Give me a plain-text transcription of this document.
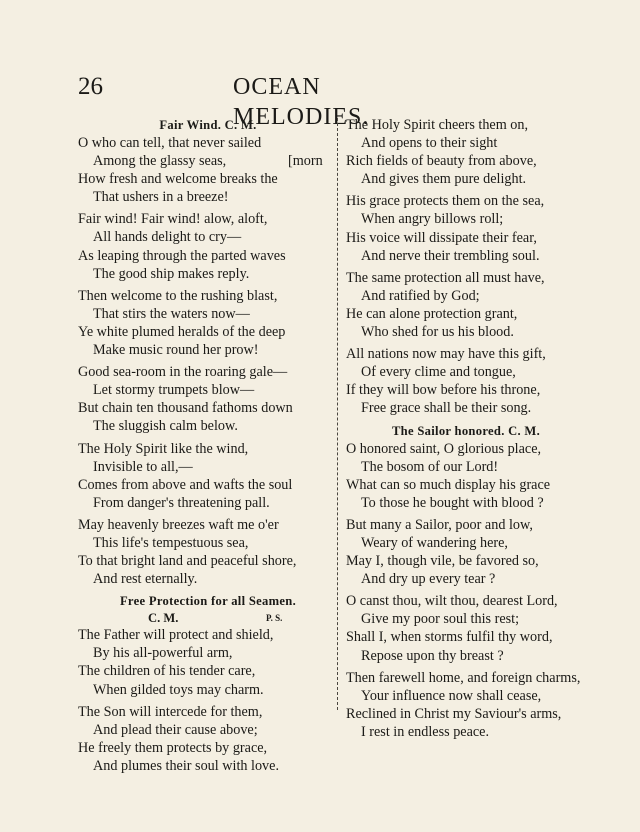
26	OCEAN MELODIES.
Fair Wind. C. M.
O who can tell, that never sailed
Among the glassy seas,	[morn
How fresh and welcome breaks the
That ushers in a breeze!
Fair wind! Fair wind! alow, aloft,
All hands delight to cry—
As leaping through the parted waves
The good ship makes reply.
Then welcome to the rushing blast,
That stirs the waters now—
Ye white plumed heralds of the deep
Make music round her prow!
Good sea-room in the roaring gale—
Let stormy trumpets blow—
But chain ten thousand fathoms down
The sluggish calm below.
The Holy Spirit like the wind,
Invisible to all,—
Comes from above and wafts the soul
From danger's threatening pall.
May heavenly breezes waft me o'er
This life's tempestuous sea,
To that bright land and peaceful shore,
And rest eternally.
Free Protection for all Seamen.
C. M.	P. S.
The Father will protect and shield,
By his all-powerful arm,
The children of his tender care,
When gilded toys may charm.
The Son will intercede for them,
And plead their cause above;
He freely them protects by grace,
And plumes their soul with love.
The Holy Spirit cheers them on,
And opens to their sight
Rich fields of beauty from above,
And gives them pure delight.
His grace protects them on the sea,
When angry billows roll;
His voice will dissipate their fear,
And nerve their trembling soul.
The same protection all must have,
And ratified by God;
He can alone protection grant,
Who shed for us his blood.
All nations now may have this gift,
Of every clime and tongue,
If they will bow before his throne,
Free grace shall be their song.
The Sailor honored. C. M.
O honored saint, O glorious place,
The bosom of our Lord!
What can so much display his grace
To those he bought with blood ?
But many a Sailor, poor and low,
Weary of wandering here,
May I, though vile, be favored so,
And dry up every tear ?
O canst thou, wilt thou, dearest Lord,
Give my poor soul this rest;
Shall I, when storms fulfil thy word,
Repose upon thy breast ?
Then farewell home, and foreign charms,
Your influence now shall cease,
Reclined in Christ my Saviour's arms,
I rest in endless peace.
